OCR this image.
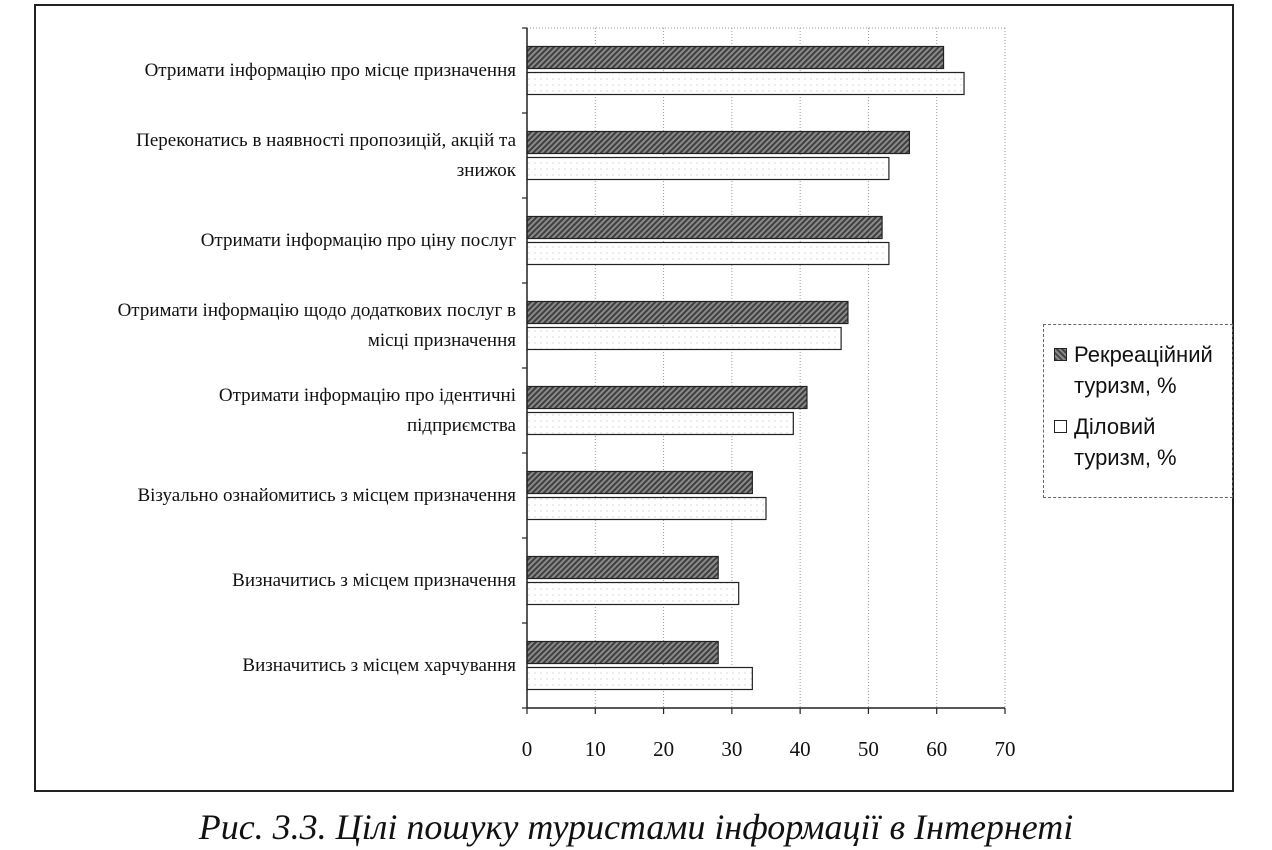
0	10 20 30 40 50 60 70
Отримати інформацію про місце призначення
Переконатись в наявності пропозицій, акцій та
знижок
Отримати інформацію про ціну послуг
Отримати інформацію щодо додаткових послуг в
місці призначення
Отримати інформацію про ідентичні
підприємства
Візуально ознайомитись з місцем призначення
Визначитись з місцем призначення
Визначитись з місцем харчування
Рекреаційний
туризм, %
Діловий
туризм, %
Рис. 3.3. Цілі пошуку туристами інформації в Інтернеті
